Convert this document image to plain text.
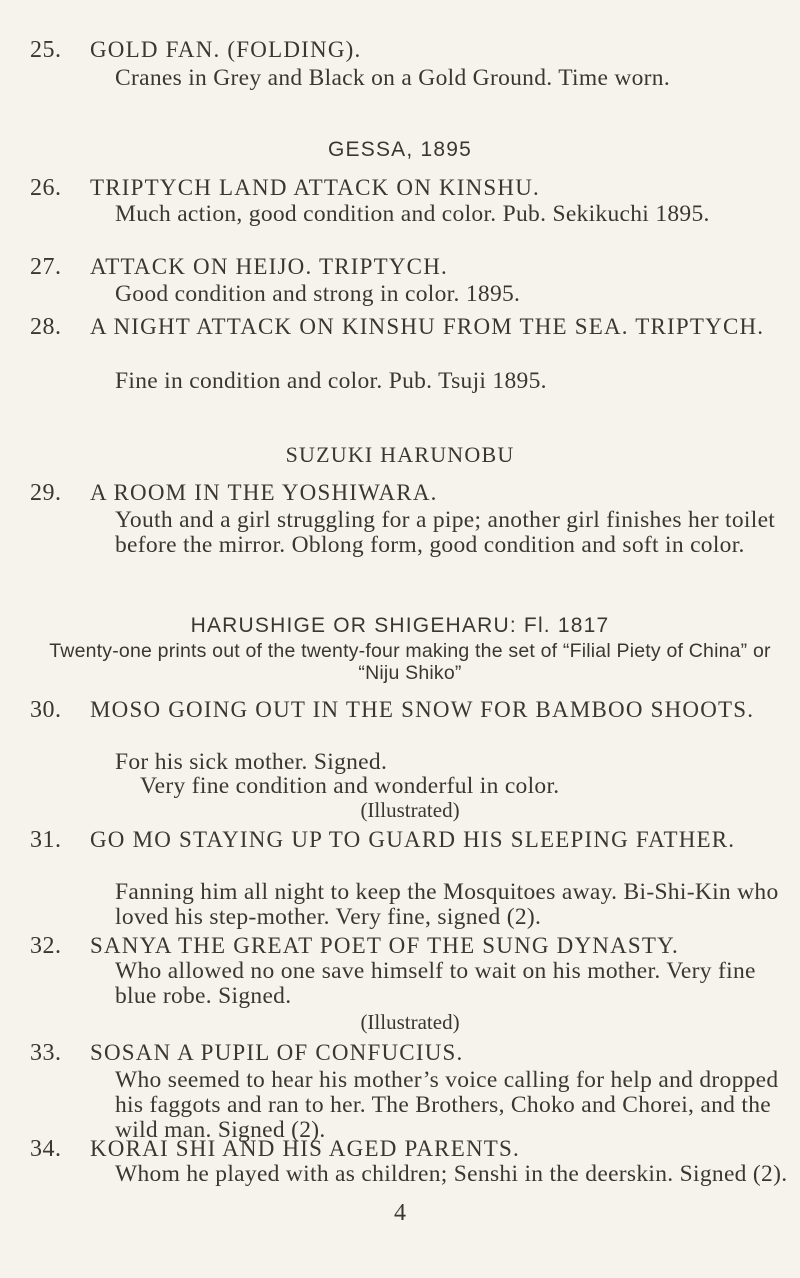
25.	GOLD FAN. (FOLDING).
Cranes in Grey and Black on a Gold Ground. Time worn.
GESSA, 1895
26.	TRIPTYCH LAND ATTACK ON KINSHU.
Much action, good condition and color. Pub. Sekikuchi 1895.
27.	ATTACK ON HEIJO. TRIPTYCH.
Good condition and strong in color. 1895.
28.	A NIGHT ATTACK ON KINSHU FROM THE SEA. TRIPTYCH.
Fine in condition and color. Pub. Tsuji 1895.
SUZUKI HARUNOBU
29.	A ROOM IN THE YOSHIWARA.
Youth and a girl struggling for a pipe; another girl finishes her toilet before the mirror. Oblong form, good condition and soft in color.
HARUSHIGE OR SHIGEHARU: Fl. 1817
Twenty-one prints out of the twenty-four making the set of “Filial Piety of China” or “Niju Shiko”
30.	MOSO GOING OUT IN THE SNOW FOR BAMBOO SHOOTS.
For his sick mother. Signed.
Very fine condition and wonderful in color.
(Illustrated)
31.	GO MO STAYING UP TO GUARD HIS SLEEPING FATHER.
Fanning him all night to keep the Mosquitoes away. Bi-Shi-Kin who loved his step-mother. Very fine, signed (2).
32.	SANYA THE GREAT POET OF THE SUNG DYNASTY.
Who allowed no one save himself to wait on his mother. Very fine blue robe. Signed.
(Illustrated)
33.	SOSAN A PUPIL OF CONFUCIUS.
Who seemed to hear his mother’s voice calling for help and dropped his faggots and ran to her. The Brothers, Choko and Chorei, and the wild man. Signed (2).
34.	KORAI SHI AND HIS AGED PARENTS.
Whom he played with as children; Senshi in the deerskin. Signed (2).
4
